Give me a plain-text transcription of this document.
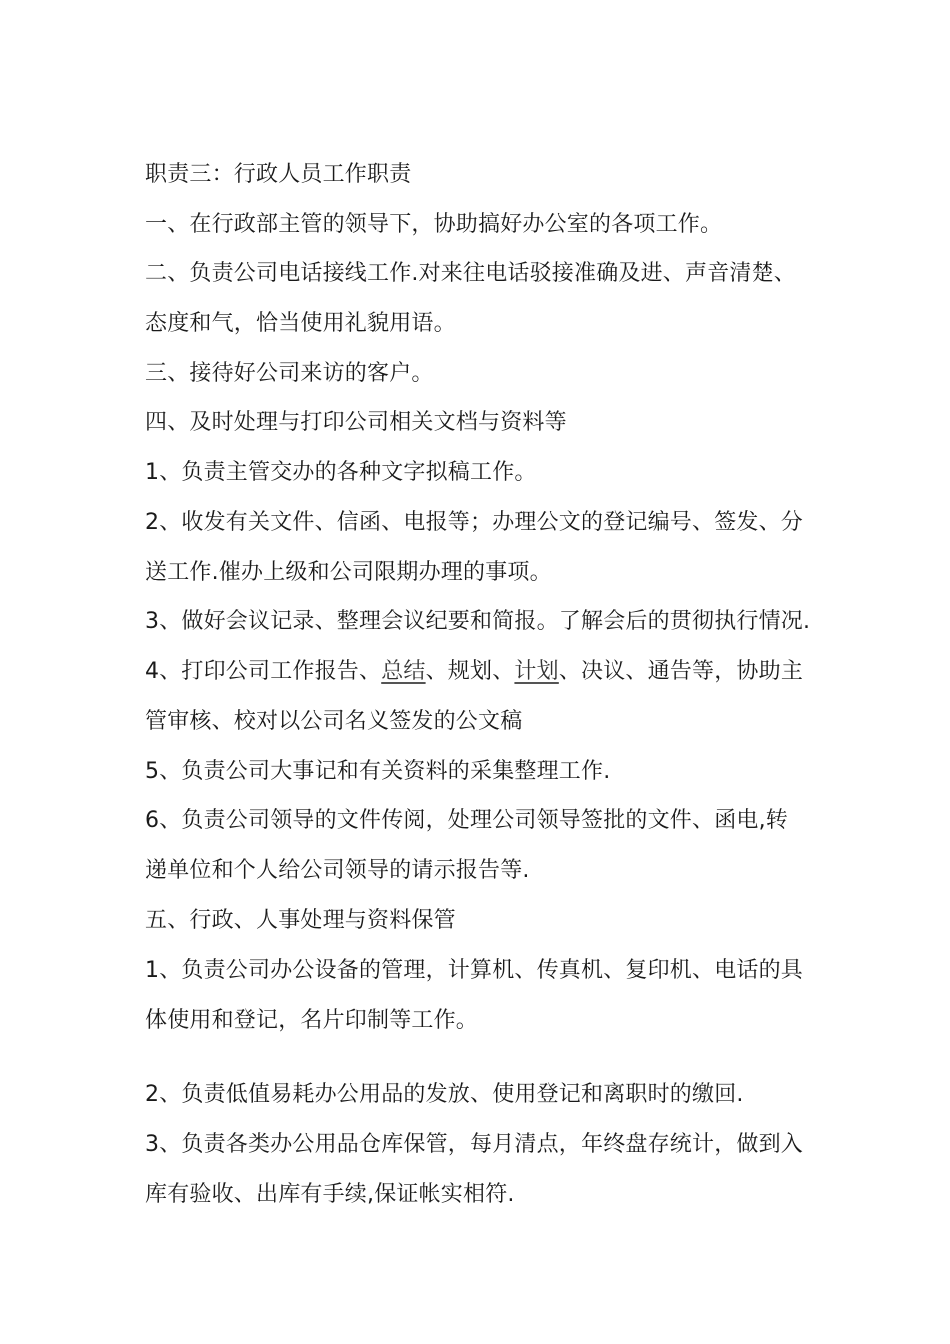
职责三：行政人员工作职责
一、在行政部主管的领导下，协助搞好办公室的各项工作。
二、负责公司电话接线工作.对来往电话驳接准确及进、声音清楚、
态度和气，恰当使用礼貌用语。
三、接待好公司来访的客户。
四、及时处理与打印公司相关文档与资料等
1、负责主管交办的各种文字拟稿工作。
2、收发有关文件、信函、电报等；办理公文的登记编号、签发、分
送工作.催办上级和公司限期办理的事项。
3、做好会议记录、整理会议纪要和简报。了解会后的贯彻执行情况.
4、打印公司工作报告、总结、规划、计划、决议、通告等，协助主
管审核、校对以公司名义签发的公文稿
5、负责公司大事记和有关资料的采集整理工作.
6、负责公司领导的文件传阅，处理公司领导签批的文件、函电,转
递单位和个人给公司领导的请示报告等.
五、行政、人事处理与资料保管
1、负责公司办公设备的管理，计算机、传真机、复印机、电话的具
体使用和登记，名片印制等工作。
2、负责低值易耗办公用品的发放、使用登记和离职时的缴回.
3、负责各类办公用品仓库保管，每月清点，年终盘存统计，做到入
库有验收、出库有手续,保证帐实相符.
